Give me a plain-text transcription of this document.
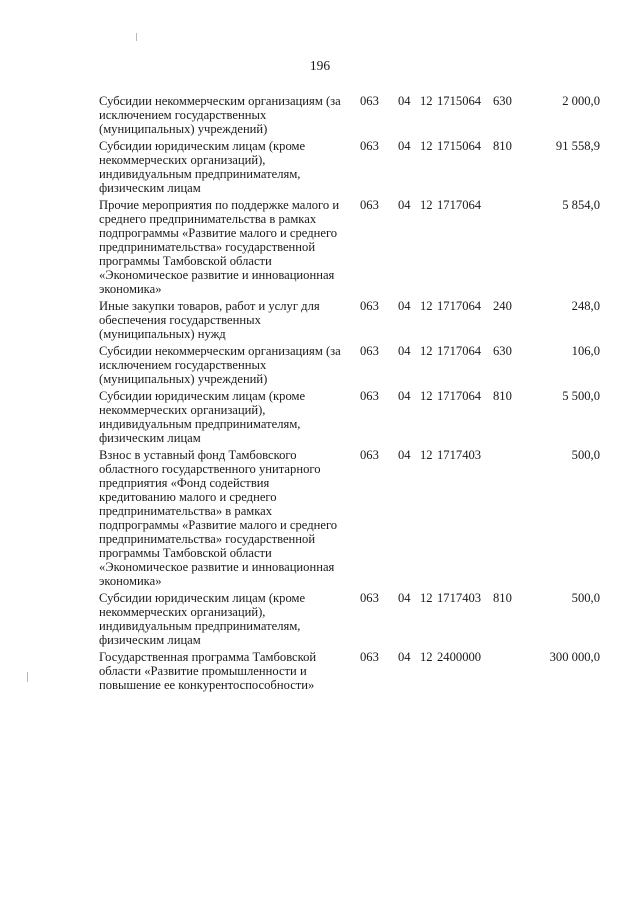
196
Субсидии некоммерческим организациям (за исключением государственных (муниципальных) учреждений)
063 04 12 1715064 630	2 000,0
Субсидии юридическим лицам (кроме некоммерческих организаций), индивидуальным предпринимателям, физическим лицам
063 04 12 1715064 810	91 558,9
Прочие мероприятия по поддержке малого и среднего предпринимательства в рамках подпрограммы «Развитие малого и среднего предпринимательства» государственной программы Тамбовской области «Экономическое развитие и инновационная экономика»
063 04 12 1717064	5 854,0
Иные закупки товаров, работ и услуг для обеспечения государственных (муниципальных) нужд
063 04 12 1717064 240	248,0
Субсидии некоммерческим организациям (за исключением государственных (муниципальных) учреждений)
063 04 12 1717064 630	106,0
Субсидии юридическим лицам (кроме некоммерческих организаций), индивидуальным предпринимателям, физическим лицам
063 04 12 1717064 810	5 500,0
Взнос в уставный фонд Тамбовского областного государственного унитарного предприятия «Фонд содействия кредитованию малого и среднего предпринимательства» в рамках подпрограммы «Развитие малого и среднего предпринимательства» государственной программы Тамбовской области «Экономическое развитие и инновационная экономика»
063 04 12 1717403	500,0
Субсидии юридическим лицам (кроме некоммерческих организаций), индивидуальным предпринимателям, физическим лицам
063 04 12 1717403 810	500,0
Государственная программа Тамбовской области «Развитие промышленности и повышение ее конкурентоспособности»
063 04 12 2400000	300 000,0
